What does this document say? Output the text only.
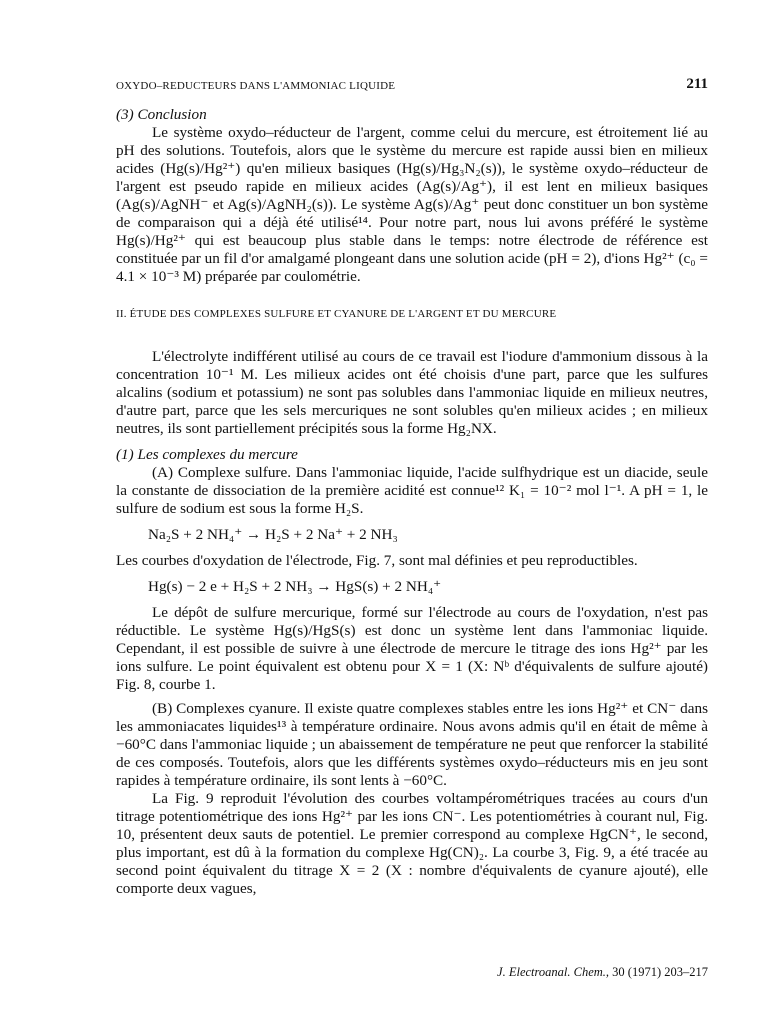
OXYDO–REDUCTEURS DANS L'AMMONIAC LIQUIDE	211

(3) Conclusion

Le système oxydo–réducteur de l'argent, comme celui du mercure, est étroitement lié au pH des solutions. Toutefois, alors que le système du mercure est rapide aussi bien en milieux acides (Hg(s)/Hg²⁺) qu'en milieux basiques (Hg(s)/Hg₃N₂(s)), le système oxydo–réducteur de l'argent est pseudo rapide en milieux acides (Ag(s)/Ag⁺), il est lent en milieux basiques (Ag(s)/AgNH⁻ et Ag(s)/AgNH₂(s)). Le système Ag(s)/Ag⁺ peut donc constituer un bon système de comparaison qui a déjà été utilisé¹⁴. Pour notre part, nous lui avons préféré le système Hg(s)/Hg²⁺ qui est beaucoup plus stable dans le temps: notre électrode de référence est constituée par un fil d'or amalgamé plongeant dans une solution acide (pH = 2), d'ions Hg²⁺ (c₀ = 4.1 × 10⁻³ M) préparée par coulométrie.

II. ÉTUDE DES COMPLEXES SULFURE ET CYANURE DE L'ARGENT ET DU MERCURE

L'électrolyte indifférent utilisé au cours de ce travail est l'iodure d'ammonium dissous à la concentration 10⁻¹ M. Les milieux acides ont été choisis d'une part, parce que les sulfures alcalins (sodium et potassium) ne sont pas solubles dans l'ammoniac liquide en milieux neutres, d'autre part, parce que les sels mercuriques ne sont solubles qu'en milieux acides ; en milieux neutres, ils sont partiellement précipités sous la forme Hg₂NX.

(1) Les complexes du mercure

(A) Complexe sulfure. Dans l'ammoniac liquide, l'acide sulfhydrique est un diacide, seule la constante de dissociation de la première acidité est connue¹² K₁ = 10⁻² mol l⁻¹. A pH = 1, le sulfure de sodium est sous la forme H₂S.

Na₂S + 2 NH₄⁺ → H₂S + 2 Na⁺ + 2 NH₃

Les courbes d'oxydation de l'électrode, Fig. 7, sont mal définies et peu reproductibles.

Hg(s) − 2 e + H₂S + 2 NH₃ → HgS(s) + 2 NH₄⁺

Le dépôt de sulfure mercurique, formé sur l'électrode au cours de l'oxydation, n'est pas réductible. Le système Hg(s)/HgS(s) est donc un système lent dans l'ammoniac liquide. Cependant, il est possible de suivre à une électrode de mercure le titrage des ions Hg²⁺ par les ions sulfure. Le point équivalent est obtenu pour X = 1 (X: Nᵇ d'équivalents de sulfure ajouté) Fig. 8, courbe 1.

(B) Complexes cyanure. Il existe quatre complexes stables entre les ions Hg²⁺ et CN⁻ dans les ammoniacates liquides¹³ à température ordinaire. Nous avons admis qu'il en était de même à −60°C dans l'ammoniac liquide ; un abaissement de température ne peut que renforcer la stabilité de ces composés. Toutefois, alors que les différents systèmes oxydo–réducteurs mis en jeu sont rapides à température ordinaire, ils sont lents à −60°C.

La Fig. 9 reproduit l'évolution des courbes voltampérométriques tracées au cours d'un titrage potentiométrique des ions Hg²⁺ par les ions CN⁻. Les potentiométries à courant nul, Fig. 10, présentent deux sauts de potentiel. Le premier correspond au complexe HgCN⁺, le second, plus important, est dû à la formation du complexe Hg(CN)₂. La courbe 3, Fig. 9, a été tracée au second point équivalent du titrage X = 2 (X : nombre d'équivalents de cyanure ajouté), elle comporte deux vagues,

J. Electroanal. Chem., 30 (1971) 203–217
